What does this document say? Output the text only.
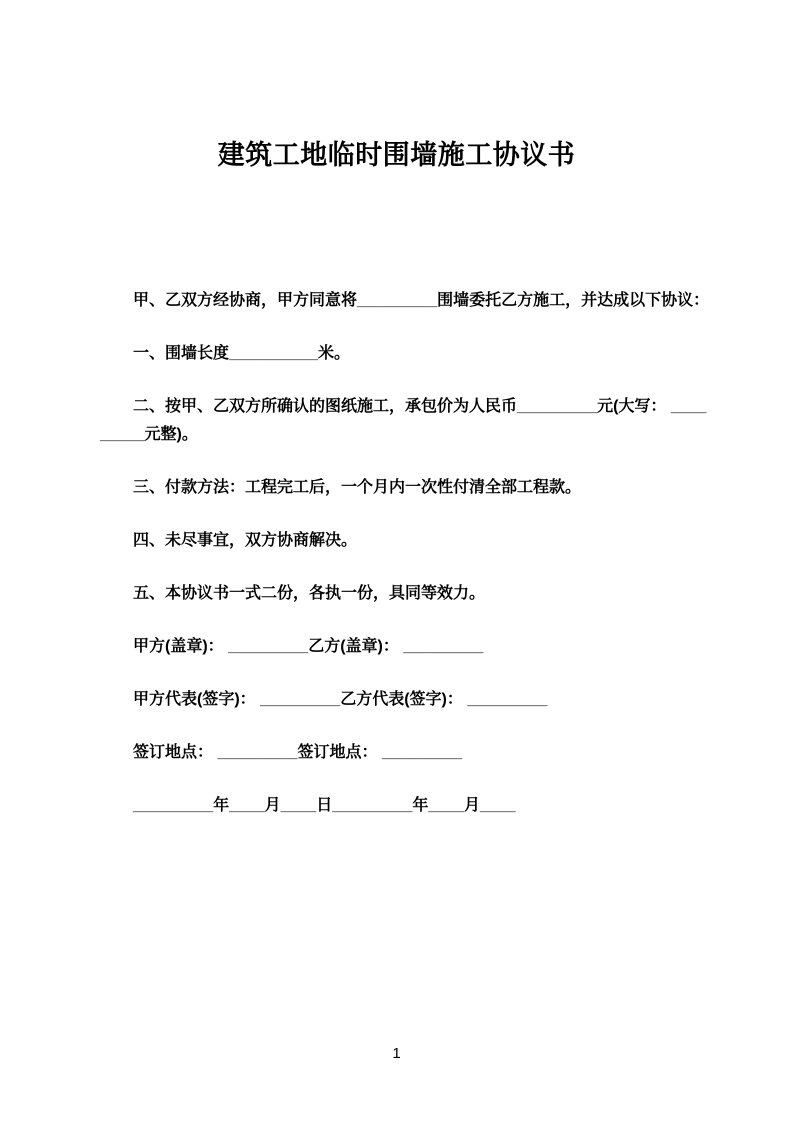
建筑工地临时围墙施工协议书
甲、乙双方经协商，甲方同意将_________围墙委托乙方施工，并达成以下协议：
一、围墙长度__________米。
二、按甲、乙双方所确认的图纸施工，承包价为人民币_________元(大写： ____
_____元整)。
三、付款方法：工程完工后，一个月内一次性付清全部工程款。
四、未尽事宜，双方协商解决。
五、本协议书一式二份，各执一份，具同等效力。
甲方(盖章)： _________乙方(盖章)： _________
甲方代表(签字)： _________乙方代表(签字)： _________
签订地点： _________签订地点： _________
_________年____月____日_________年____月____
1
